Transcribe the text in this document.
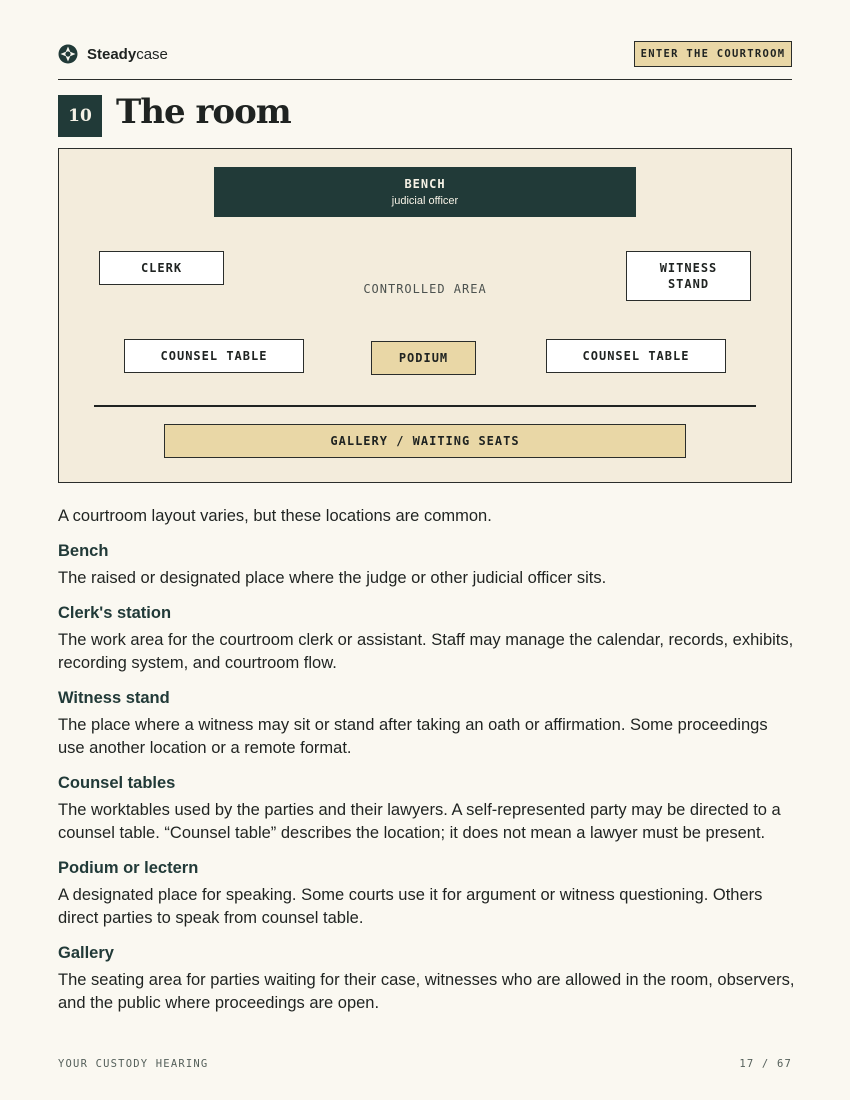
Steadycase	ENTER THE COURTROOM
10 The room
BENCH
judicial officer
CLERK	WITNESS
STAND
CONTROLLED AREA
COUNSEL TABLE	PODIUM	COUNSEL TABLE
GALLERY / WAITING SEATS

A courtroom layout varies, but these locations are common.

Bench

The raised or designated place where the judge or other judicial officer sits.

Clerk's station

The work area for the courtroom clerk or assistant. Staff may manage the calendar, records, exhibits, recording system, and courtroom flow.

Witness stand

The place where a witness may sit or stand after taking an oath or affirmation. Some proceedings use another location or a remote format.

Counsel tables

The worktables used by the parties and their lawyers. A self-represented party may be directed to a counsel table. “Counsel table” describes the location; it does not mean a lawyer must be present.

Podium or lectern

A designated place for speaking. Some courts use it for argument or witness questioning. Others direct parties to speak from counsel table.

Gallery

The seating area for parties waiting for their case, witnesses who are allowed in the room, observers, and the public where proceedings are open.

YOUR CUSTODY HEARING	17 / 67
